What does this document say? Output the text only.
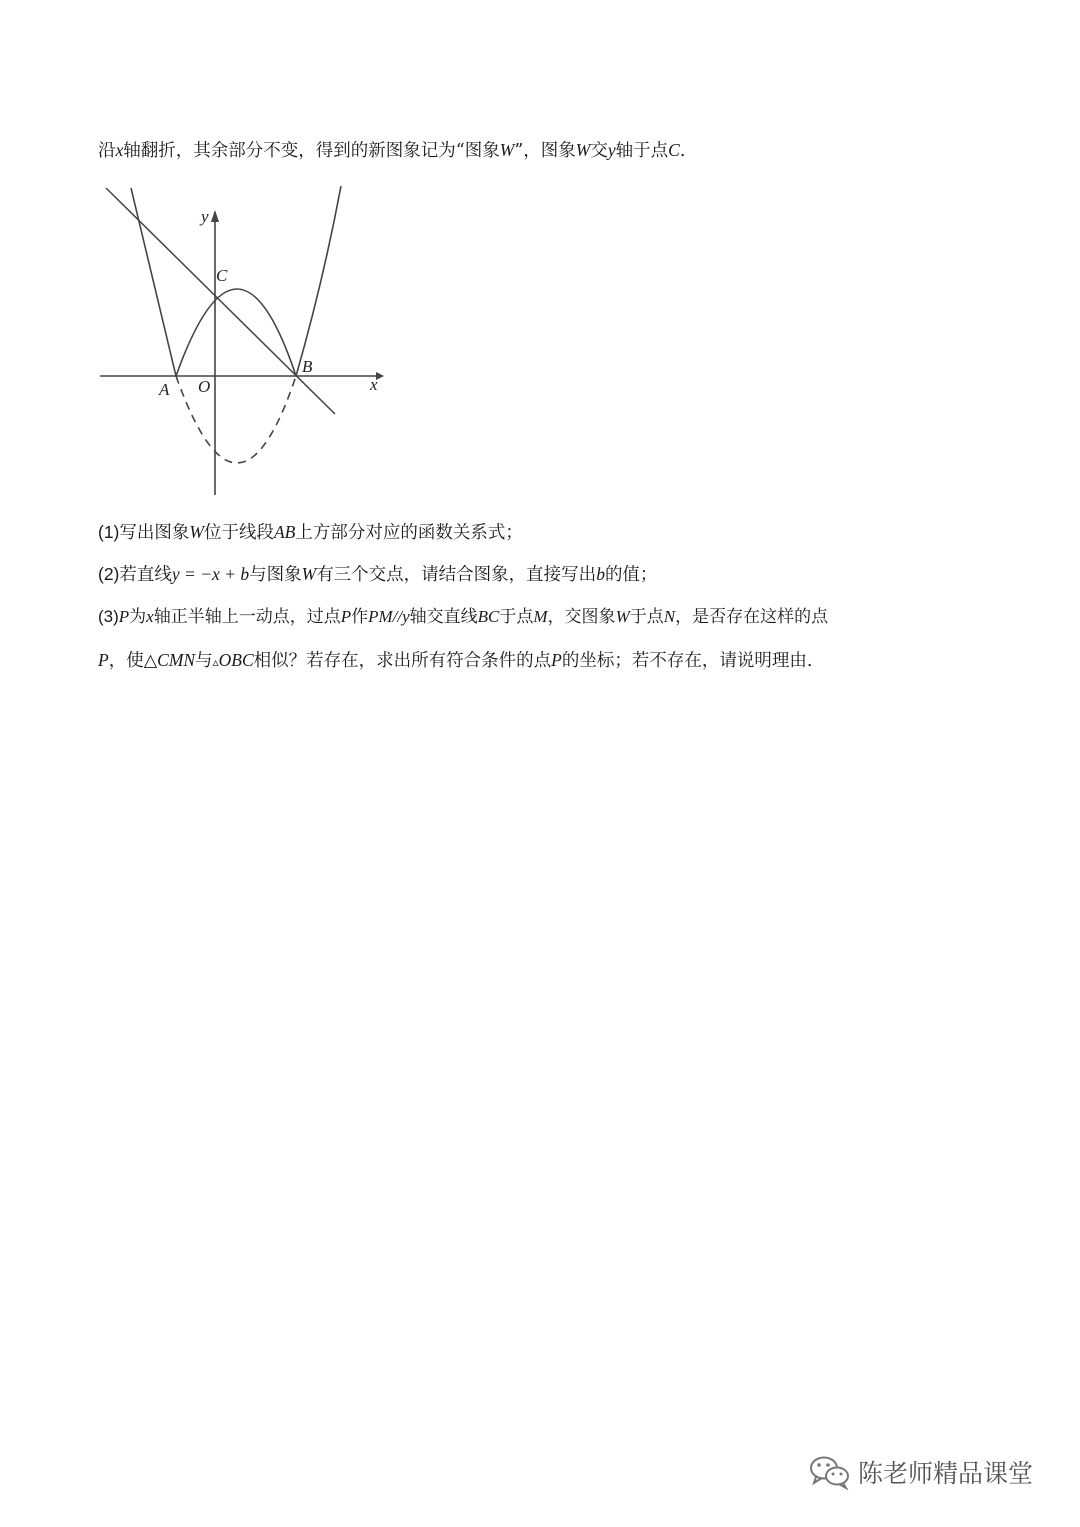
沿x轴翻折，其余部分不变，得到的新图象记为“图象W”，图象W交y轴于点C.
y
x
C
A O
B
(1)写出图象W位于线段AB上方部分对应的函数关系式；
(2)若直线y = −x + b与图象W有三个交点，请结合图象，直接写出b的值；
(3)P为x轴正半轴上一动点，过点P作PM//y轴交直线BC于点M，交图象W于点N，是否存在这样的点
P，使△CMN与▵OBC相似？若存在，求出所有符合条件的点P的坐标；若不存在，请说明理由.
陈老师精品课堂
